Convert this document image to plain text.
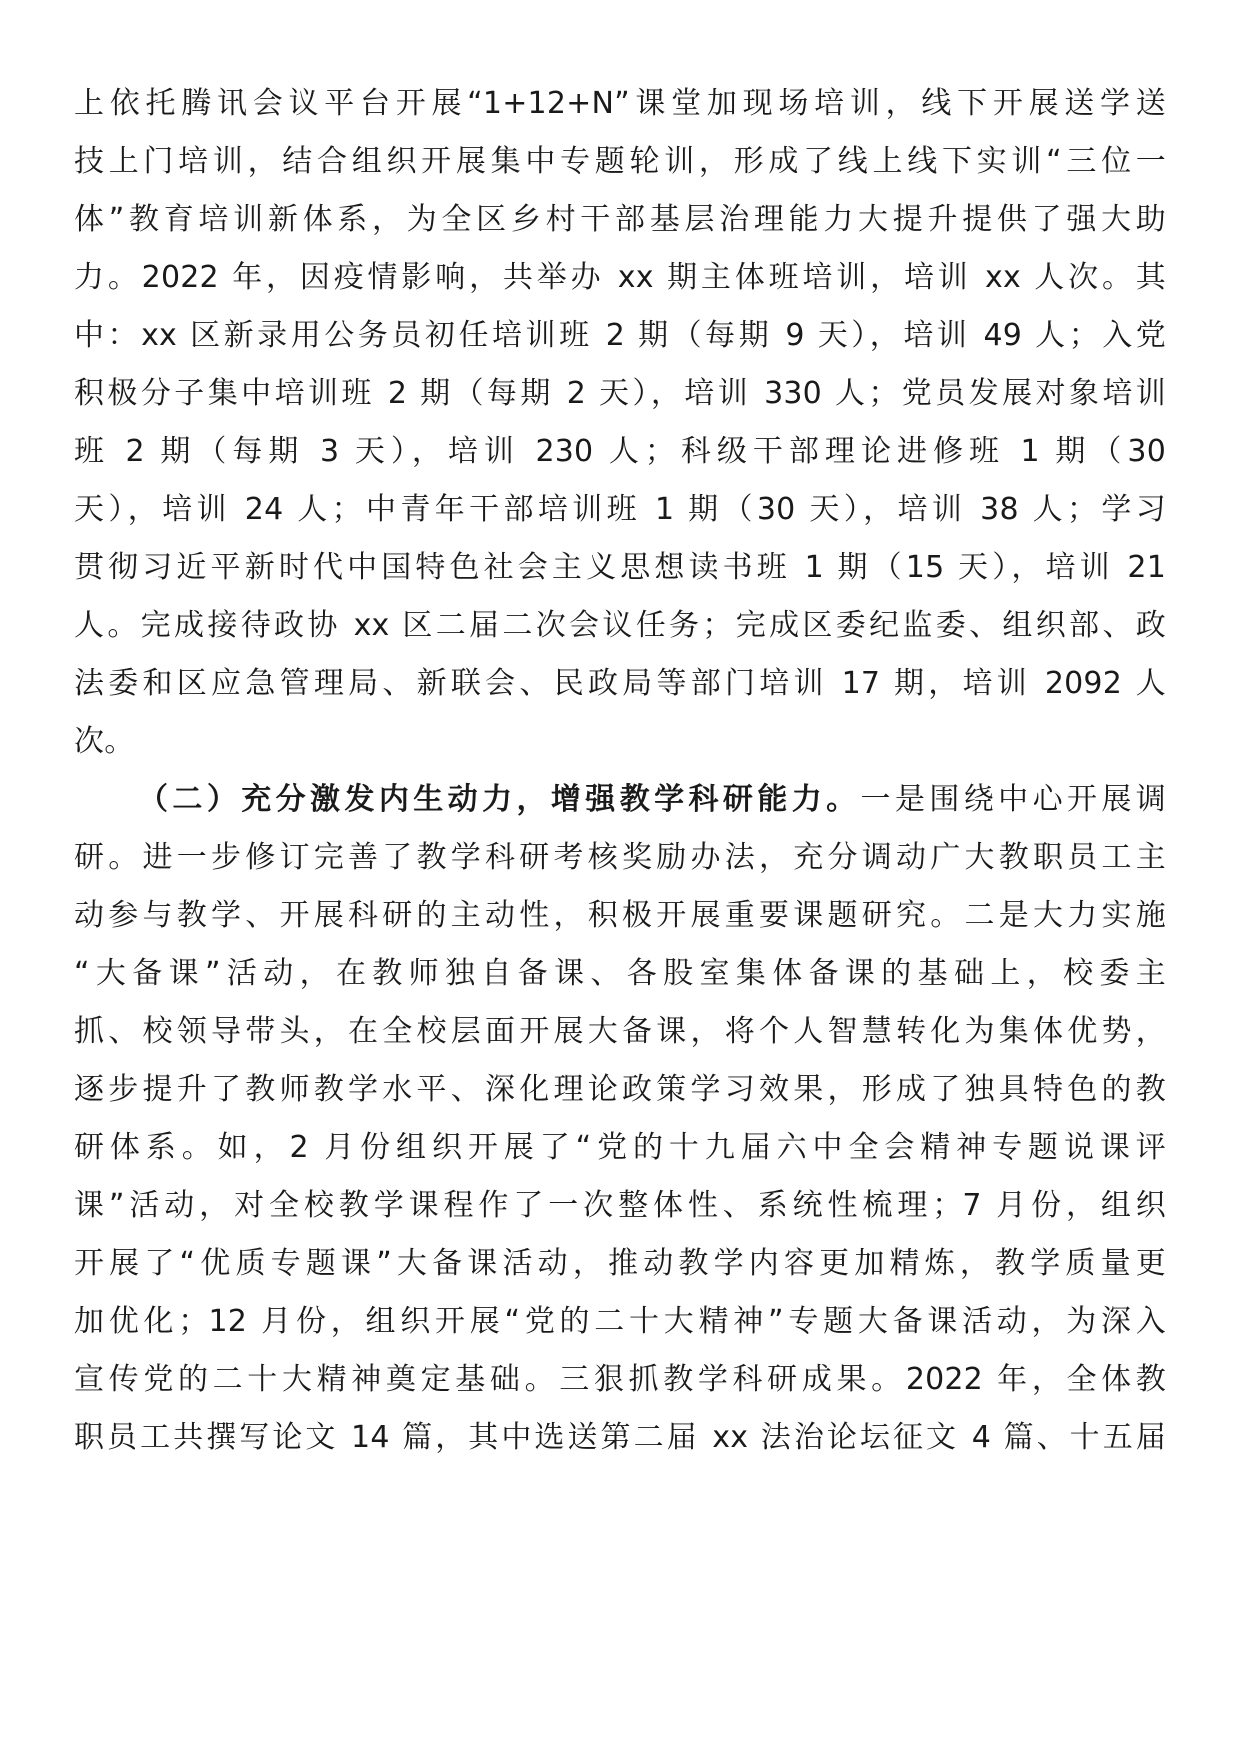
上依托腾讯会议平台开展“1+12+N”课堂加现场培训，线下开展送学送
技上门培训，结合组织开展集中专题轮训，形成了线上线下实训“三位一
体”教育培训新体系，为全区乡村干部基层治理能力大提升提供了强大助
力。2022 年，因疫情影响，共举办 xx 期主体班培训，培训 xx 人次。其
中：xx 区新录用公务员初任培训班 2 期（每期 9 天），培训 49 人；入党
积极分子集中培训班 2 期（每期 2 天），培训 330 人；党员发展对象培训
班 2 期（每期 3 天），培训 230 人；科级干部理论进修班 1 期（30
天），培训 24 人；中青年干部培训班 1 期（30 天），培训 38 人；学习
贯彻习近平新时代中国特色社会主义思想读书班 1 期（15 天），培训 21
人。完成接待政协 xx 区二届二次会议任务；完成区委纪监委、组织部、政
法委和区应急管理局、新联会、民政局等部门培训 17 期，培训 2092 人
次。
（二）充分激发内生动力，增强教学科研能力。一是围绕中心开展调
研。进一步修订完善了教学科研考核奖励办法，充分调动广大教职员工主
动参与教学、开展科研的主动性，积极开展重要课题研究。二是大力实施
“大备课”活动，在教师独自备课、各股室集体备课的基础上，校委主
抓、校领导带头，在全校层面开展大备课，将个人智慧转化为集体优势，
逐步提升了教师教学水平、深化理论政策学习效果，形成了独具特色的教
研体系。如，2 月份组织开展了“党的十九届六中全会精神专题说课评
课”活动，对全校教学课程作了一次整体性、系统性梳理；7 月份，组织
开展了“优质专题课”大备课活动，推动教学内容更加精炼，教学质量更
加优化；12 月份，组织开展“党的二十大精神”专题大备课活动，为深入
宣传党的二十大精神奠定基础。三狠抓教学科研成果。2022 年，全体教
职员工共撰写论文 14 篇，其中选送第二届 xx 法治论坛征文 4 篇、十五届
